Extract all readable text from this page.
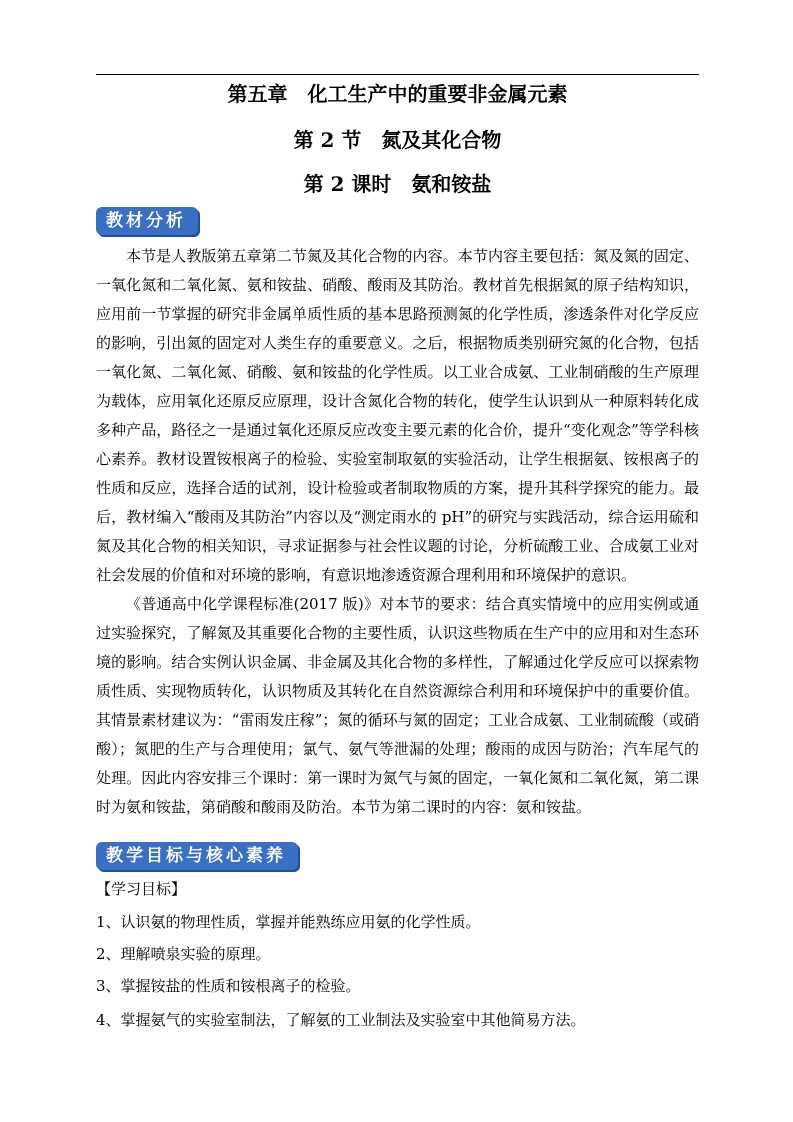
第五章　化工生产中的重要非金属元素
第 2 节　氮及其化合物
第 2 课时　氨和铵盐
教材分析

本节是人教版第五章第二节氮及其化合物的内容。本节内容主要包括：氮及氮的固定、一氧化氮和二氧化氮、氨和铵盐、硝酸、酸雨及其防治。教材首先根据氮的原子结构知识，应用前一节掌握的研究非金属单质性质的基本思路预测氮的化学性质，渗透条件对化学反应的影响，引出氮的固定对人类生存的重要意义。之后，根据物质类别研究氮的化合物，包括一氧化氮、二氧化氮、硝酸、氨和铵盐的化学性质。以工业合成氨、工业制硝酸的生产原理为载体，应用氧化还原反应原理，设计含氮化合物的转化，使学生认识到从一种原料转化成多种产品，路径之一是通过氧化还原反应改变主要元素的化合价，提升“变化观念”等学科核心素养。教材设置铵根离子的检验、实验室制取氨的实验活动，让学生根据氨、铵根离子的性质和反应，选择合适的试剂，设计检验或者制取物质的方案，提升其科学探究的能力。最后，教材编入“酸雨及其防治”内容以及“测定雨水的 pH”的研究与实践活动，综合运用硫和氮及其化合物的相关知识，寻求证据参与社会性议题的讨论，分析硫酸工业、合成氨工业对社会发展的价值和对环境的影响，有意识地渗透资源合理利用和环境保护的意识。

《普通高中化学课程标准(2017 版)》对本节的要求：结合真实情境中的应用实例或通过实验探究，了解氮及其重要化合物的主要性质，认识这些物质在生产中的应用和对生态环境的影响。结合实例认识金属、非金属及其化合物的多样性，了解通过化学反应可以探索物质性质、实现物质转化，认识物质及其转化在自然资源综合利用和环境保护中的重要价值。其情景素材建议为：“雷雨发庄稼”；氮的循环与氮的固定；工业合成氨、工业制硫酸（或硝酸）；氮肥的生产与合理使用；氯气、氨气等泄漏的处理；酸雨的成因与防治；汽车尾气的处理。因此内容安排三个课时：第一课时为氮气与氮的固定，一氧化氮和二氧化氮，第二课时为氨和铵盐，第硝酸和酸雨及防治。本节为第二课时的内容：氨和铵盐。

教学目标与核心素养
【学习目标】
1、认识氨的物理性质，掌握并能熟练应用氨的化学性质。
2、理解喷泉实验的原理。
3、掌握铵盐的性质和铵根离子的检验。
4、掌握氨气的实验室制法，了解氨的工业制法及实验室中其他简易方法。
